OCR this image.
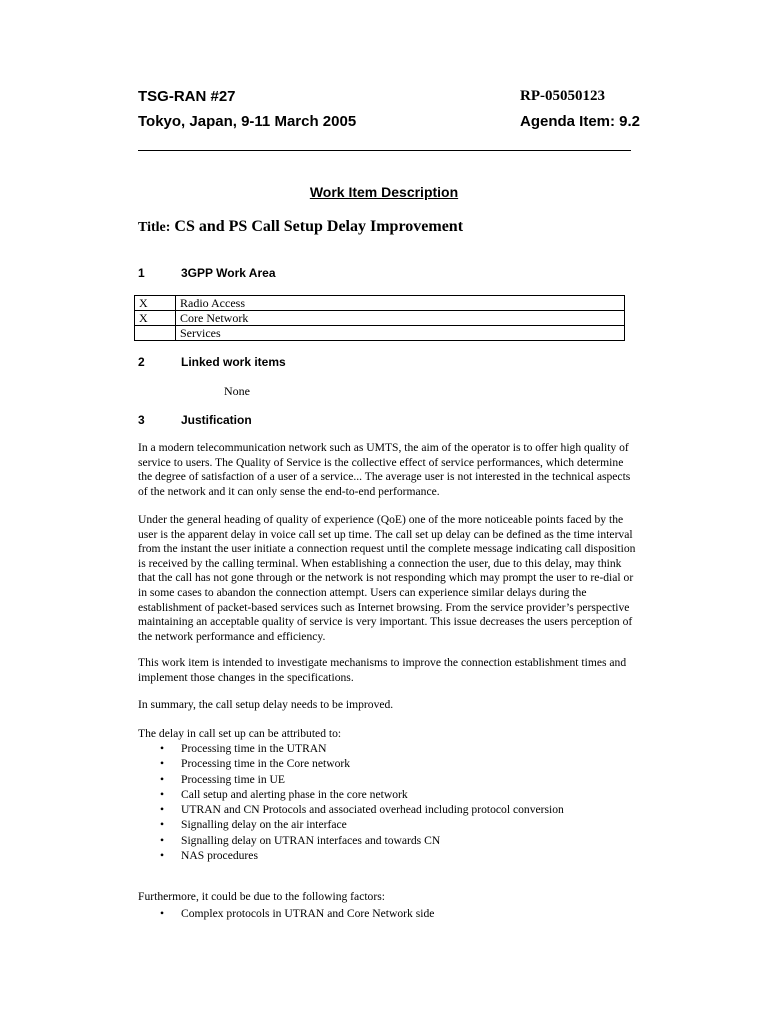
TSG-RAN #27	RP-05050123
Tokyo, Japan, 9-11 March 2005	Agenda Item: 9.2
Work Item Description
Title: CS and PS Call Setup Delay Improvement
1	3GPP Work Area
X	Radio Access
X	Core Network
	Services
2	Linked work items
None
3	Justification

In a modern telecommunication network such as UMTS, the aim of the operator is to offer high quality of service to users. The Quality of Service is the collective effect of service performances, which determine the degree of satisfaction of a user of a service... The average user is not interested in the technical aspects of the network and it can only sense the end-to-end performance.

Under the general heading of quality of experience (QoE) one of the more noticeable points faced by the user is the apparent delay in voice call set up time. The call set up delay can be defined as the time interval from the instant the user initiate a connection request until the complete message indicating call disposition is received by the calling terminal. When establishing a connection the user, due to this delay, may think that the call has not gone through or the network is not responding which may prompt the user to re-dial or in some cases to abandon the connection attempt. Users can experience similar delays during the establishment of packet-based services such as Internet browsing. From the service provider’s perspective maintaining an acceptable quality of service is very important. This issue decreases the users perception of the network performance and efficiency.

This work item is intended to investigate mechanisms to improve the connection establishment times and implement those changes in the specifications.

In summary, the call setup delay needs to be improved.

The delay in call set up can be attributed to:

• Processing time in the UTRAN
• Processing time in the Core network
• Processing time in UE
• Call setup and alerting phase in the core network
• UTRAN and CN Protocols and associated overhead including protocol conversion
• Signalling delay on the air interface
• Signalling delay on UTRAN interfaces and towards CN
• NAS procedures

Furthermore, it could be due to the following factors:

• Complex protocols in UTRAN and Core Network side
